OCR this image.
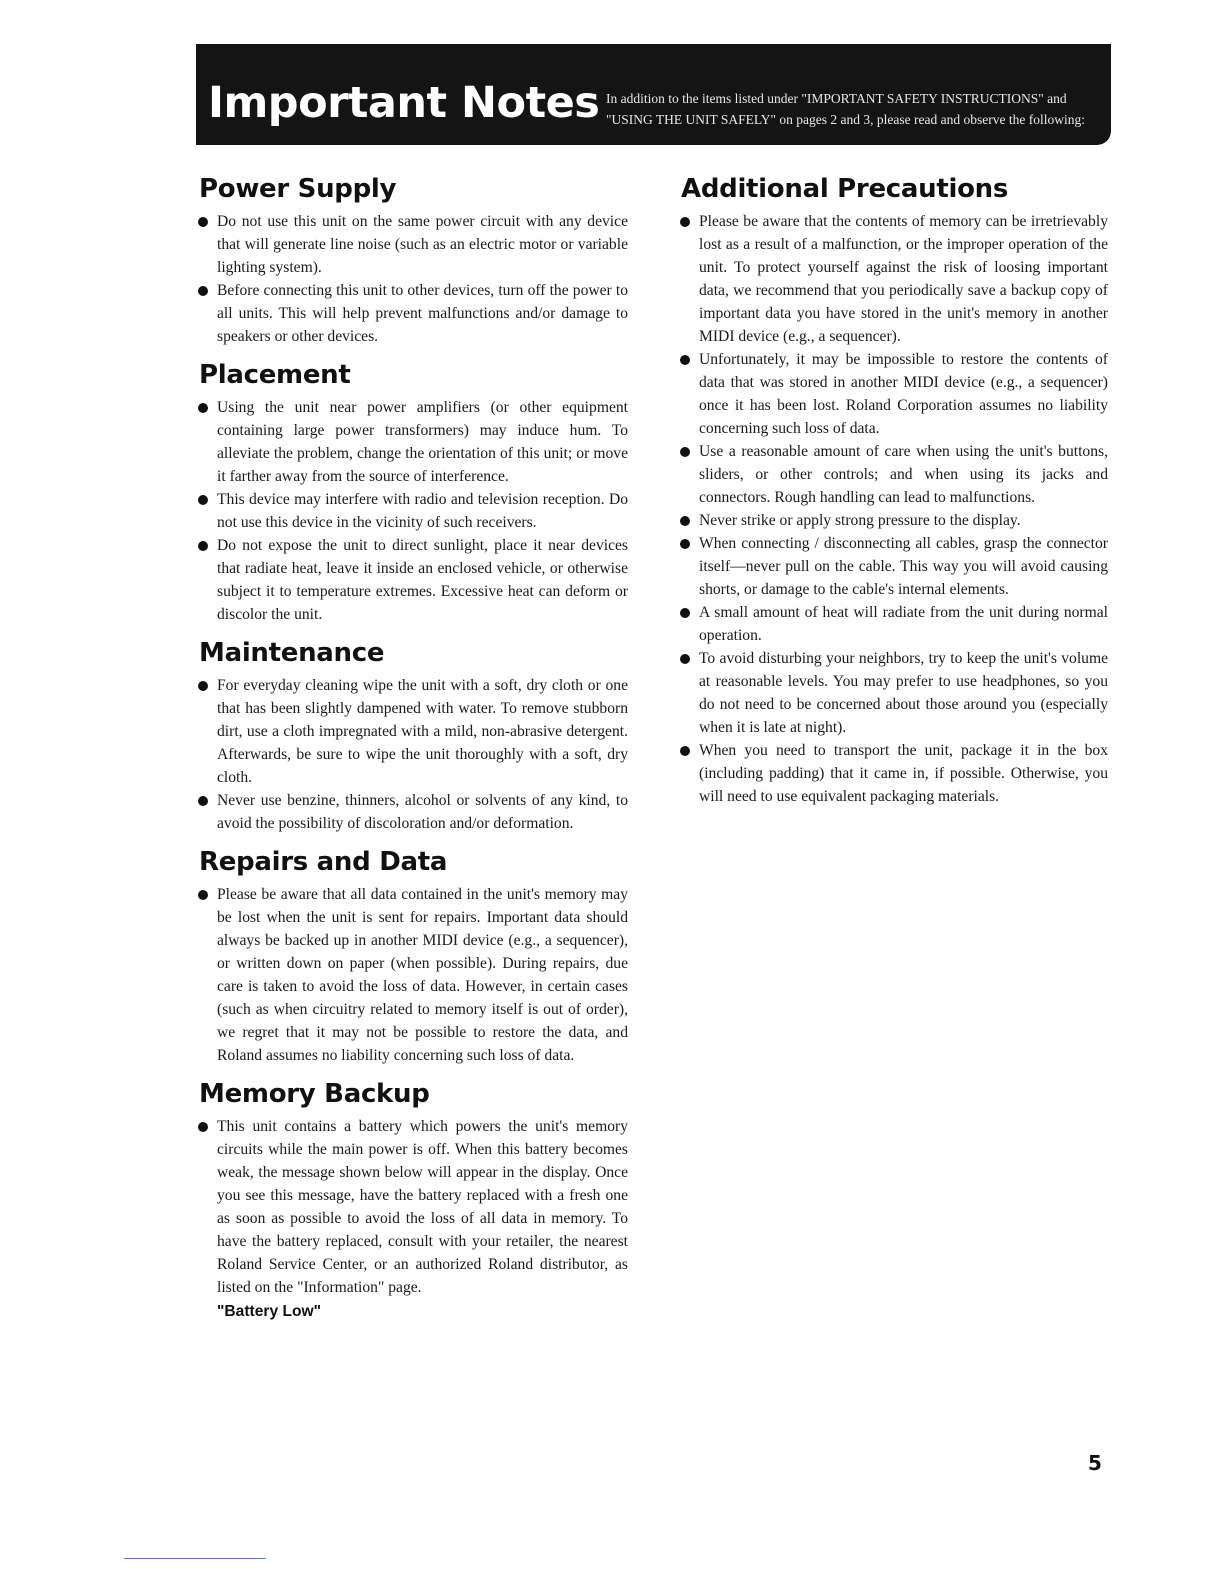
Important Notes In addition to the items listed under "IMPORTANT SAFETY INSTRUCTIONS" and
"USING THE UNIT SAFELY" on pages 2 and 3, please read and observe the following:
Power Supply
Do not use this unit on the same power circuit with any device that will generate line noise (such as an electric motor or variable lighting system).
Before connecting this unit to other devices, turn off the power to all units. This will help prevent malfunctions and/or damage to speakers or other devices.
Placement
Using the unit near power amplifiers (or other equipment containing large power transformers) may induce hum. To alleviate the problem, change the orientation of this unit; or move it farther away from the source of interference.
This device may interfere with radio and television reception. Do not use this device in the vicinity of such receivers.
Do not expose the unit to direct sunlight, place it near devices that radiate heat, leave it inside an enclosed vehicle, or otherwise subject it to temperature extremes. Excessive heat can deform or discolor the unit.
Maintenance
For everyday cleaning wipe the unit with a soft, dry cloth or one that has been slightly dampened with water. To remove stubborn dirt, use a cloth impregnated with a mild, non-abrasive detergent. Afterwards, be sure to wipe the unit thoroughly with a soft, dry cloth.
Never use benzine, thinners, alcohol or solvents of any kind, to avoid the possibility of discoloration and/or deformation.
Repairs and Data
Please be aware that all data contained in the unit's memory may be lost when the unit is sent for repairs. Important data should always be backed up in another MIDI device (e.g., a sequencer), or written down on paper (when possible). During repairs, due care is taken to avoid the loss of data. However, in certain cases (such as when circuitry related to memory itself is out of order), we regret that it may not be possible to restore the data, and Roland assumes no liability concerning such loss of data.
Memory Backup
This unit contains a battery which powers the unit's memory circuits while the main power is off. When this battery becomes weak, the message shown below will appear in the display. Once you see this message, have the battery replaced with a fresh one as soon as possible to avoid the loss of all data in memory. To have the battery replaced, consult with your retailer, the nearest Roland Service Center, or an authorized Roland distributor, as listed on the "Information" page.
"Battery Low"
Additional Precautions
Please be aware that the contents of memory can be irretrievably lost as a result of a malfunction, or the improper operation of the unit. To protect yourself against the risk of loosing important data, we recommend that you periodically save a backup copy of important data you have stored in the unit's memory in another MIDI device (e.g., a sequencer).
Unfortunately, it may be impossible to restore the contents of data that was stored in another MIDI device (e.g., a sequencer) once it has been lost. Roland Corporation assumes no liability concerning such loss of data.
Use a reasonable amount of care when using the unit's buttons, sliders, or other controls; and when using its jacks and connectors. Rough handling can lead to malfunctions.
Never strike or apply strong pressure to the display.
When connecting / disconnecting all cables, grasp the connector itself—never pull on the cable. This way you will avoid causing shorts, or damage to the cable's internal elements.
A small amount of heat will radiate from the unit during normal operation.
To avoid disturbing your neighbors, try to keep the unit's volume at reasonable levels. You may prefer to use headphones, so you do not need to be concerned about those around you (especially when it is late at night).
When you need to transport the unit, package it in the box (including padding) that it came in, if possible. Otherwise, you will need to use equivalent packaging materials.
5
